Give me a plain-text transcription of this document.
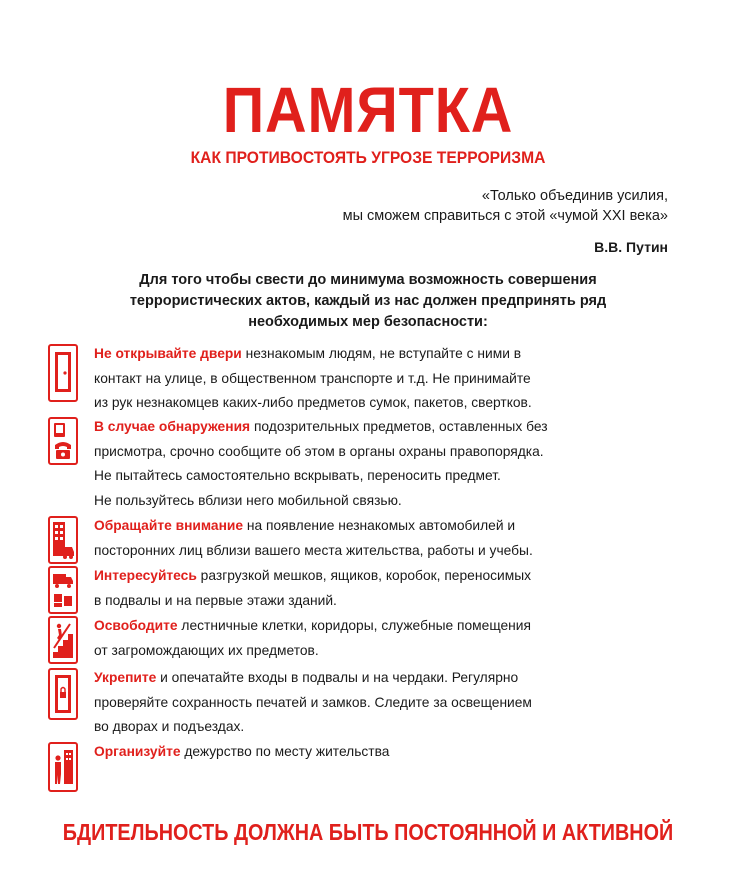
ПАМЯТКА
КАК ПРОТИВОСТОЯТЬ УГРОЗЕ ТЕРРОРИЗМА
«Только объединив усилия,
мы сможем справиться с этой «чумой XXI века»
В.В. Путин
Для того чтобы свести до минимума возможность совершения
террористических актов, каждый из нас должен предпринять ряд
необходимых мер безопасности:
Не открывайте двери незнакомым людям, не вступайте с ними в
контакт на улице, в общественном транспорте и т.д. Не принимайте
из рук незнакомцев каких-либо предметов сумок, пакетов, свертков.
В случае обнаружения подозрительных предметов, оставленных без
присмотра, срочно сообщите об этом в органы охраны правопорядка.
Не пытайтесь самостоятельно вскрывать, переносить предмет.
Не пользуйтесь вблизи него мобильной связью.
Обращайте внимание на появление незнакомых автомобилей и
посторонних лиц вблизи вашего места жительства, работы и учебы.
Интересуйтесь разгрузкой мешков, ящиков, коробок, переносимых
в подвалы и на первые этажи зданий.
Освободите лестничные клетки, коридоры, служебные помещения
от загромождающих их предметов.
Укрепите и опечатайте входы в подвалы и на чердаки. Регулярно
проверяйте сохранность печатей и замков. Следите за освещением
во дворах и подъездах.
Организуйте дежурство по месту жительства
БДИТЕЛЬНОСТЬ ДОЛЖНА БЫТЬ ПОСТОЯННОЙ И АКТИВНОЙ
